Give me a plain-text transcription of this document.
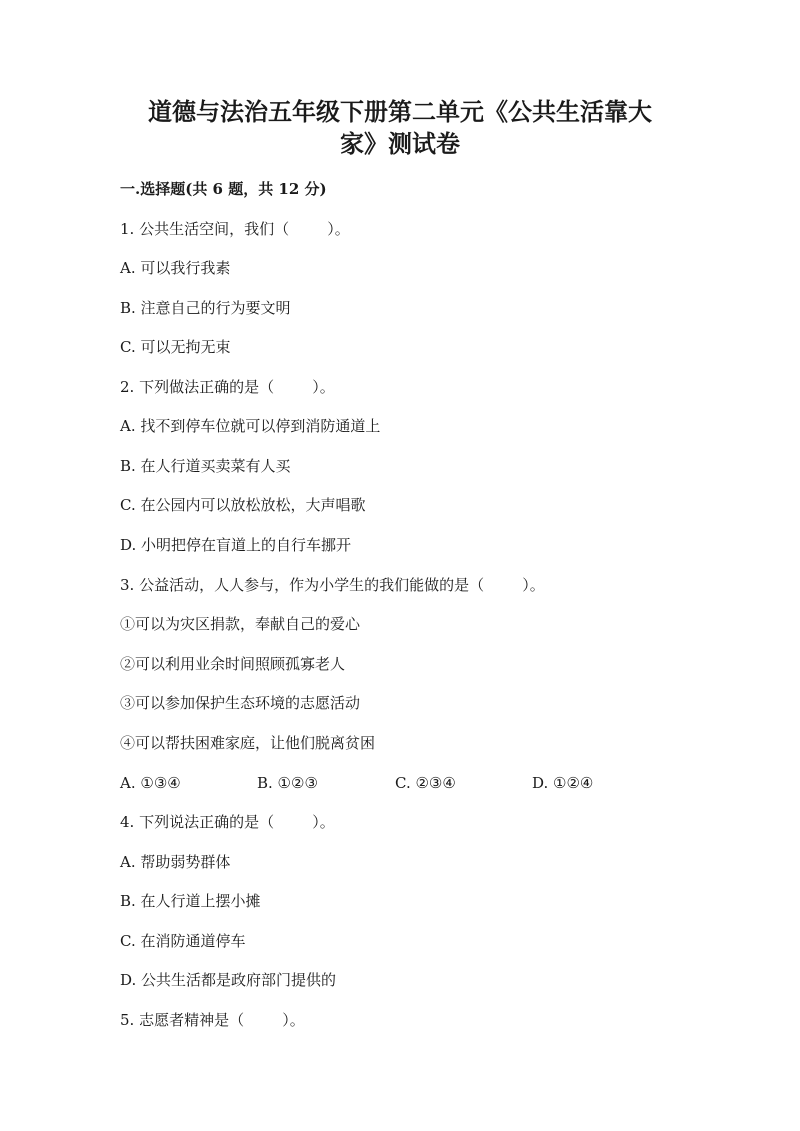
道德与法治五年级下册第二单元《公共生活靠大
家》测试卷
一.选择题(共 6 题，共 12 分)

1. 公共生活空间，我们（        ）。

A. 可以我行我素

B. 注意自己的行为要文明

C. 可以无拘无束

2. 下列做法正确的是（        ）。

A. 找不到停车位就可以停到消防通道上

B. 在人行道买卖菜有人买

C. 在公园内可以放松放松，大声唱歌

D. 小明把停在盲道上的自行车挪开

3. 公益活动，人人参与，作为小学生的我们能做的是（        ）。

①可以为灾区捐款，奉献自己的爱心

②可以利用业余时间照顾孤寡老人

③可以参加保护生态环境的志愿活动

④可以帮扶困难家庭，让他们脱离贫困

A. ①③④	B. ①②③	C. ②③④	D. ①②④

4. 下列说法正确的是（        ）。

A. 帮助弱势群体

B. 在人行道上摆小摊

C. 在消防通道停车

D. 公共生活都是政府部门提供的

5. 志愿者精神是（        ）。
